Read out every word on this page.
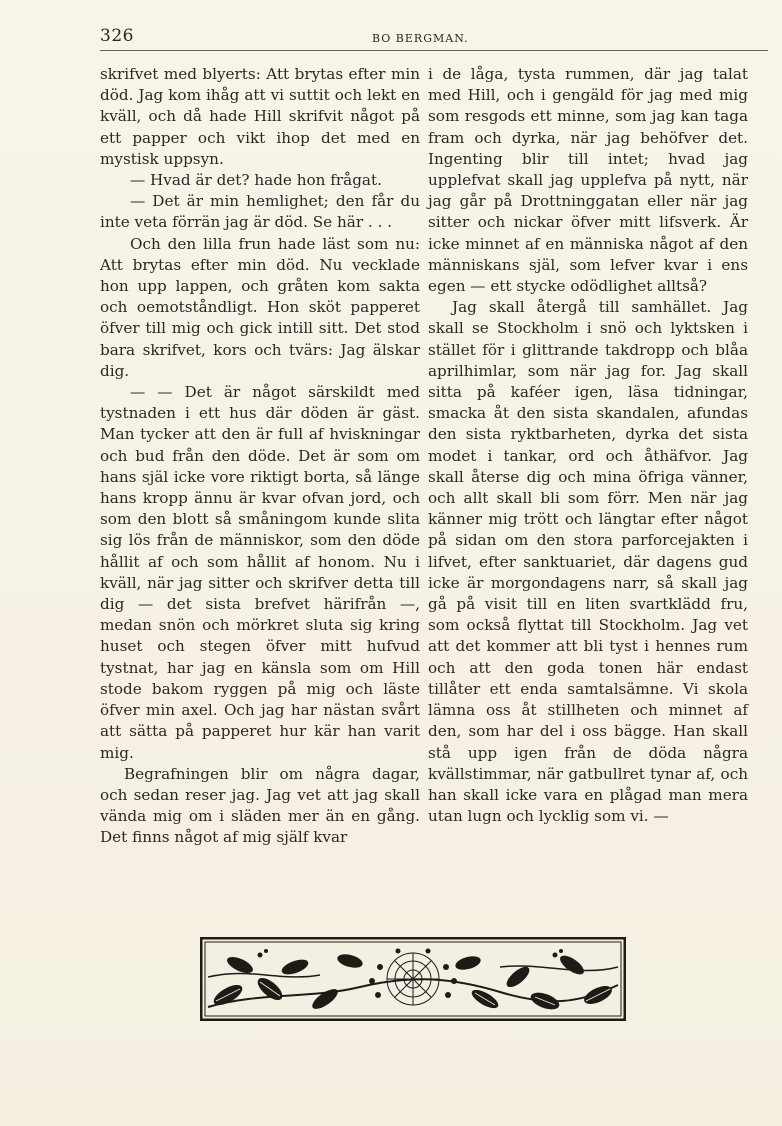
326	BO BERGMAN.

skrifvet med blyerts: Att brytas efter min död. Jag kom ihåg att vi suttit och lekt en kväll, och då hade Hill skrifvit något på ett papper och vikt ihop det med en mystisk uppsyn.

— Hvad är det? hade hon frågat.

— Det är min hemlighet; den får du inte veta förrän jag är död. Se här . . .

Och den lilla frun hade läst som nu: Att brytas efter min död. Nu vecklade hon upp lappen, och gråten kom sakta och oemotståndligt. Hon sköt papperet öfver till mig och gick intill sitt. Det stod bara skrifvet, kors och tvärs: Jag älskar dig.

— — Det är något särskildt med tystnaden i ett hus där döden är gäst. Man tycker att den är full af hviskningar och bud från den döde. Det är som om hans själ icke vore riktigt borta, så länge hans kropp ännu är kvar ofvan jord, och som den blott så småningom kunde slita sig lös från de människor, som den döde hållit af och som hållit af honom. Nu i kväll, när jag sitter och skrifver detta till dig — det sista brefvet härifrån —, medan snön och mörkret sluta sig kring huset och stegen öfver mitt hufvud tystnat, har jag en känsla som om Hill stode bakom ryggen på mig och läste öfver min axel. Och jag har nästan svårt att sätta på papperet hur kär han varit mig.

Begrafningen blir om några dagar, och sedan reser jag. Jag vet att jag skall vända mig om i släden mer än en gång. Det finns något af mig själf kvar

i de låga, tysta rummen, där jag talat med Hill, och i gengäld för jag med mig som resgods ett minne, som jag kan taga fram och dyrka, när jag behöfver det. Ingenting blir till intet; hvad jag upplefvat skall jag upplefva på nytt, när jag går på Drottninggatan eller när jag sitter och nickar öfver mitt lifsverk. Är icke minnet af en människa något af den människans själ, som lefver kvar i ens egen — ett stycke odödlighet alltså?

Jag skall återgå till samhället. Jag skall se Stockholm i snö och lyktsken i stället för i glittrande takdropp och blåa aprilhimlar, som när jag for. Jag skall sitta på kaféer igen, läsa tidningar, smacka åt den sista skandalen, afundas den sista ryktbarheten, dyrka det sista modet i tankar, ord och åthäfvor. Jag skall återse dig och mina öfriga vänner, och allt skall bli som förr. Men när jag känner mig trött och längtar efter något på sidan om den stora parforcejakten i lifvet, efter sanktuariet, där dagens gud icke är morgondagens narr, så skall jag gå på visit till en liten svartklädd fru, som också flyttat till Stockholm. Jag vet att det kommer att bli tyst i hennes rum och att den goda tonen här endast tillåter ett enda samtalsämne. Vi skola lämna oss åt stillheten och minnet af den, som har del i oss bägge. Han skall stå upp igen från de döda några kvällstimmar, när gatbullret tynar af, och han skall icke vara en plågad man mera utan lugn och lycklig som vi. —
